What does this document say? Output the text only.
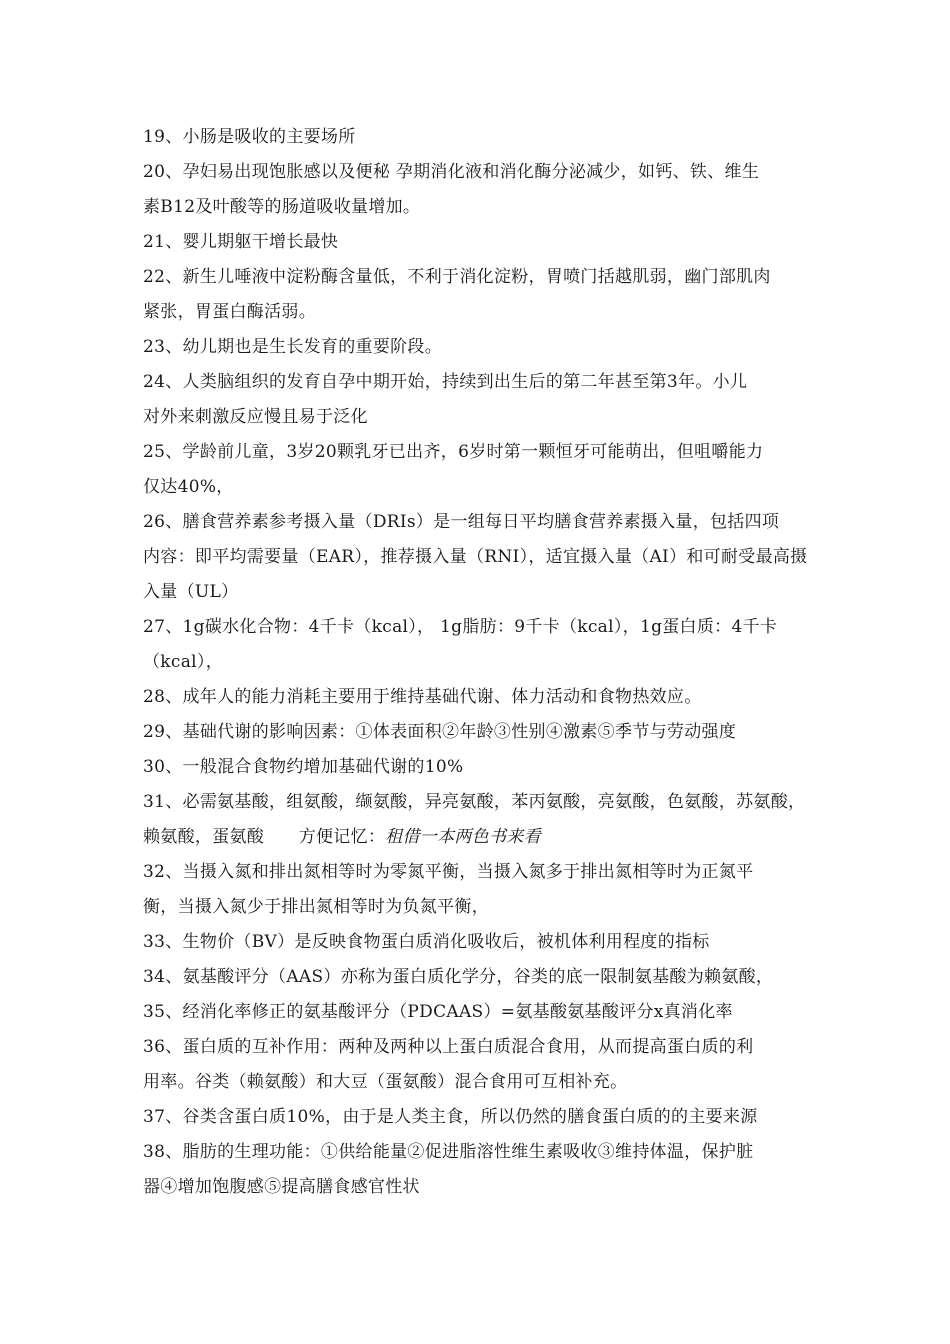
19、小肠是吸收的主要场所
20、孕妇易出现饱胀感以及便秘 孕期消化液和消化酶分泌减少，如钙、铁、维生
素B12及叶酸等的肠道吸收量增加。
21、婴儿期躯干增长最快
22、新生儿唾液中淀粉酶含量低，不利于消化淀粉，胃喷门括越肌弱，幽门部肌肉
紧张，胃蛋白酶活弱。
23、幼儿期也是生长发育的重要阶段。
24、人类脑组织的发育自孕中期开始，持续到出生后的第二年甚至第3年。小儿
对外来刺激反应慢且易于泛化
25、学龄前儿童，3岁20颗乳牙已出齐，6岁时第一颗恒牙可能萌出，但咀嚼能力
仅达40%，
26、膳食营养素参考摄入量（DRIs）是一组每日平均膳食营养素摄入量，包括四项
内容：即平均需要量（EAR），推荐摄入量（RNI），适宜摄入量（AI）和可耐受最高摄
入量（UL）
27、1g碳水化合物：4千卡（kcal）， 1g脂肪：9千卡（kcal），1g蛋白质：4千卡
（kcal），
28、成年人的能力消耗主要用于维持基础代谢、体力活动和食物热效应。
29、基础代谢的影响因素：①体表面积②年龄③性别④激素⑤季节与劳动强度
30、一般混合食物约增加基础代谢的10%
31、必需氨基酸，组氨酸，缬氨酸，异亮氨酸，苯丙氨酸，亮氨酸，色氨酸，苏氨酸，
赖氨酸，蛋氨酸　　方便记忆：租借一本两色书来看
32、当摄入氮和排出氮相等时为零氮平衡，当摄入氮多于排出氮相等时为正氮平
衡，当摄入氮少于排出氮相等时为负氮平衡，
33、生物价（BV）是反映食物蛋白质消化吸收后，被机体利用程度的指标
34、氨基酸评分（AAS）亦称为蛋白质化学分，谷类的底一限制氨基酸为赖氨酸，
35、经消化率修正的氨基酸评分（PDCAAS）=氨基酸氨基酸评分x真消化率
36、蛋白质的互补作用：两种及两种以上蛋白质混合食用，从而提高蛋白质的利
用率。谷类（赖氨酸）和大豆（蛋氨酸）混合食用可互相补充。
37、谷类含蛋白质10%，由于是人类主食，所以仍然的膳食蛋白质的的主要来源
38、脂肪的生理功能：①供给能量②促进脂溶性维生素吸收③维持体温，保护脏
器④增加饱腹感⑤提高膳食感官性状
